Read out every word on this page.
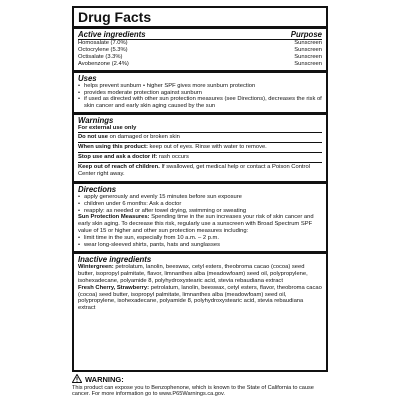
Drug Facts
Active ingredients	Purpose
Homosalate (7.0%)	Sunscreen
Octocrylene (5.3%)	Sunscreen
Octisalate (3.3%)	Sunscreen
Avobenzone (2.4%)	Sunscreen
Uses
• helps prevent sunburn • higher SPF gives more sunburn protection
• provides moderate protection against sunburn
• if used as directed with other sun protection measures (see Directions), decreases the risk of skin cancer and early skin aging caused by the sun
Warnings
For external use only
Do not use on damaged or broken skin
When using this product: keep out of eyes. Rinse with water to remove.
Stop use and ask a doctor if: rash occurs
Keep out of reach of children. If swallowed, get medical help or contact a Poison Control Center right away.
Directions
• apply generously and evenly 15 minutes before sun exposure
• children under 6 months: Ask a doctor
• reapply: as needed or after towel drying, swimming or sweating
Sun Protection Measures: Spending time in the sun increases your risk of skin cancer and early skin aging. To decrease this risk, regularly use a sunscreen with Broad Spectrum SPF value of 15 or higher and other sun protection measures including:
• limit time in the sun, especially from 10 a.m. – 2 p.m.
• wear long-sleeved shirts, pants, hats and sunglasses
Inactive ingredients

Wintergreen: petrolatum, lanolin, beeswax, cetyl esters, theobroma cacao (cocoa) seed butter, isopropyl palmitate, flavor, limnanthes alba (meadowfoam) seed oil, polypropylene, isohexadecane, polyamide 8, polyhydroxystearic acid, stevia rebaudiana extract

Fresh Cherry, Strawberry: petrolatum, lanolin, beeswax, cetyl esters, flavor, theobroma cacao (cocoa) seed butter, isopropyl palmitate, limnanthes alba (meadowfoam) seed oil, polypropylene, isohexadecane, polyamide 8, polyhydroxystearic acid, stevia rebaudiana extract

WARNING:
This product can expose you to Benzophenone, which is known to the State of California to cause cancer. For more information go to www.P65Warnings.ca.gov.
